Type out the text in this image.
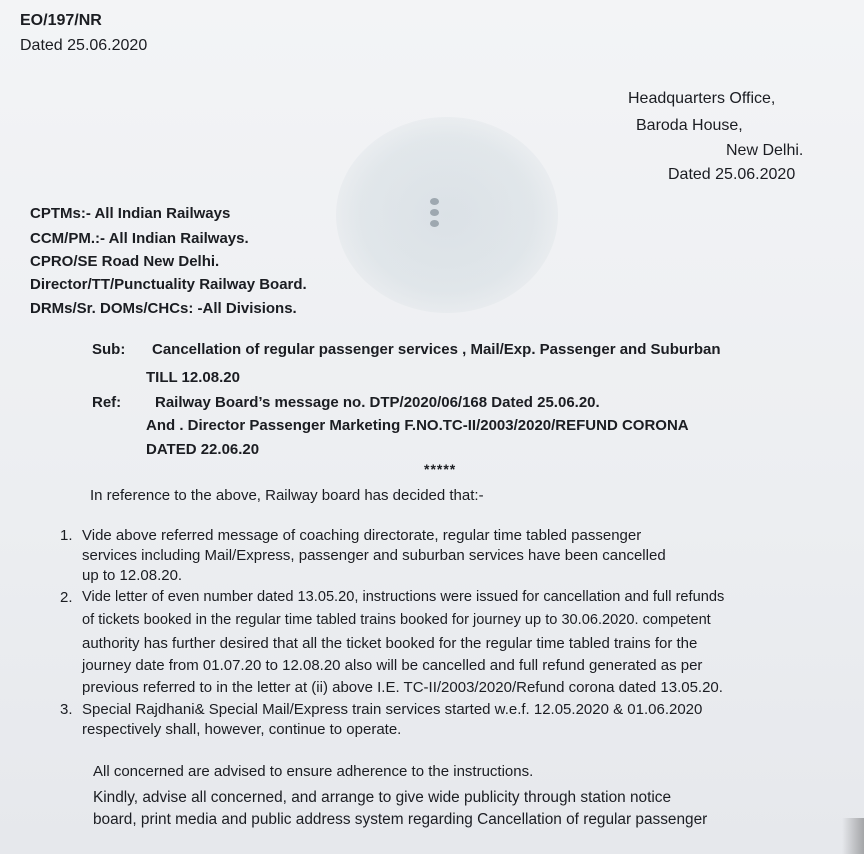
EO/197/NR
Dated 25.06.2020
Headquarters Office,
Baroda House,
New Delhi.
Dated 25.06.2020
CPTMs:- All Indian Railways
CCM/PM.:- All Indian Railways.
CPRO/SE Road New Delhi.
Director/TT/Punctuality Railway Board.
DRMs/Sr. DOMs/CHCs: -All Divisions.
Sub: Cancellation of regular passenger services , Mail/Exp. Passenger and Suburban
TILL 12.08.20
Ref: Railway Board’s message no. DTP/2020/06/168 Dated 25.06.20.
And . Director Passenger Marketing F.NO.TC-II/2003/2020/REFUND CORONA
DATED 22.06.20
*****
In reference to the above, Railway board has decided that:-
1. Vide above referred message of coaching directorate, regular time tabled passenger
services including Mail/Express, passenger and suburban services have been cancelled
up to 12.08.20.
2. Vide letter of even number dated 13.05.20, instructions were issued for cancellation and full refunds
of tickets booked in the regular time tabled trains booked for journey up to 30.06.2020. competent
authority has further desired that all the ticket booked for the regular time tabled trains for the
journey date from 01.07.20 to 12.08.20 also will be cancelled and full refund generated as per
previous referred to in the letter at (ii) above I.E. TC-II/2003/2020/Refund corona dated 13.05.20.
3. Special Rajdhani& Special Mail/Express train services started w.e.f. 12.05.2020 & 01.06.2020
respectively shall, however, continue to operate.
All concerned are advised to ensure adherence to the instructions.
Kindly, advise all concerned, and arrange to give wide publicity through station notice
board, print media and public address system regarding Cancellation of regular passenger
